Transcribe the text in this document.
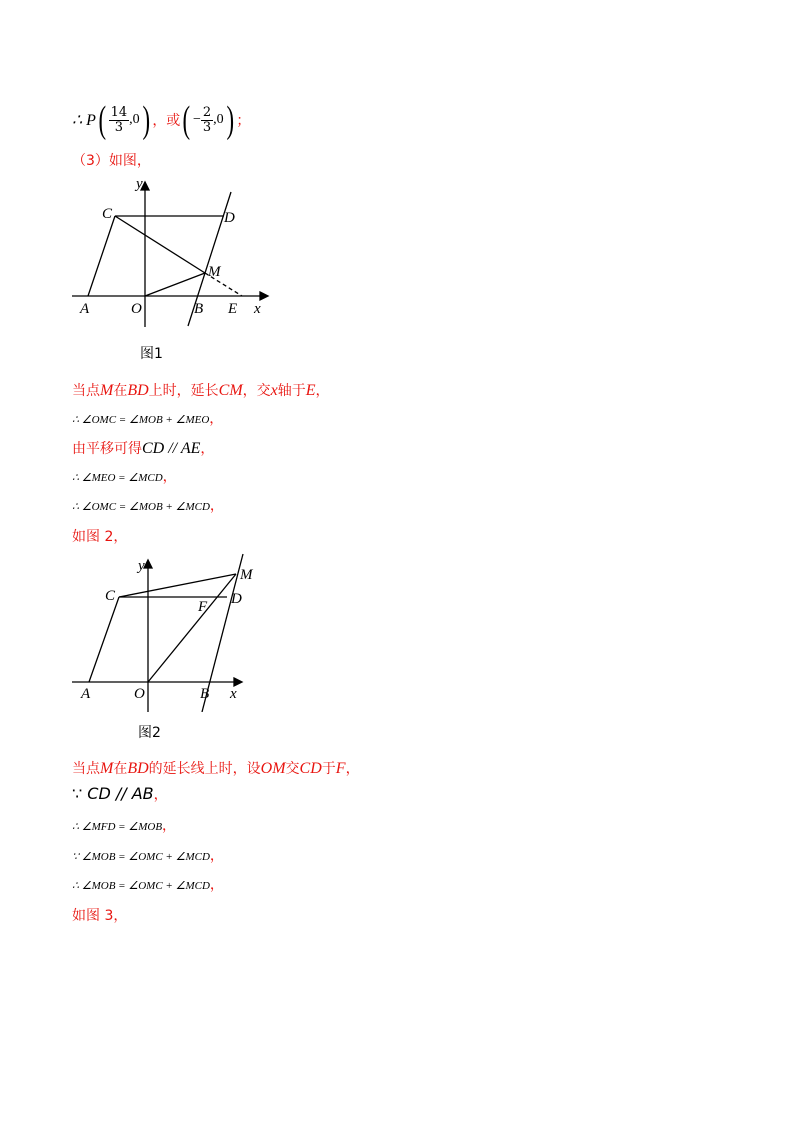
∴ P ( $\frac{14}{3} ,0$ ) ，或 ( − $\frac{2}{3} ,0$ ) ；
（3）如图，
y
C	D
M
A	O	B E x
图1
当点M在BD上时，延长CM，交x轴于E，
∴ ∠OMC = ∠MOB + ∠MEO，
由平移可得CD // AE，
∴ ∠MEO = ∠MCD，
∴ ∠OMC = ∠MOB + ∠MCD，
如图 2，
y
C
F D
M
A	O	B x
图2
当点M在BD的延长线上时，设OM交CD于F，
∵ CD // AB，
∴ ∠MFD = ∠MOB，
∵ ∠MOB = ∠OMC + ∠MCD，
∴ ∠MOB = ∠OMC + ∠MCD，
如图 3，
